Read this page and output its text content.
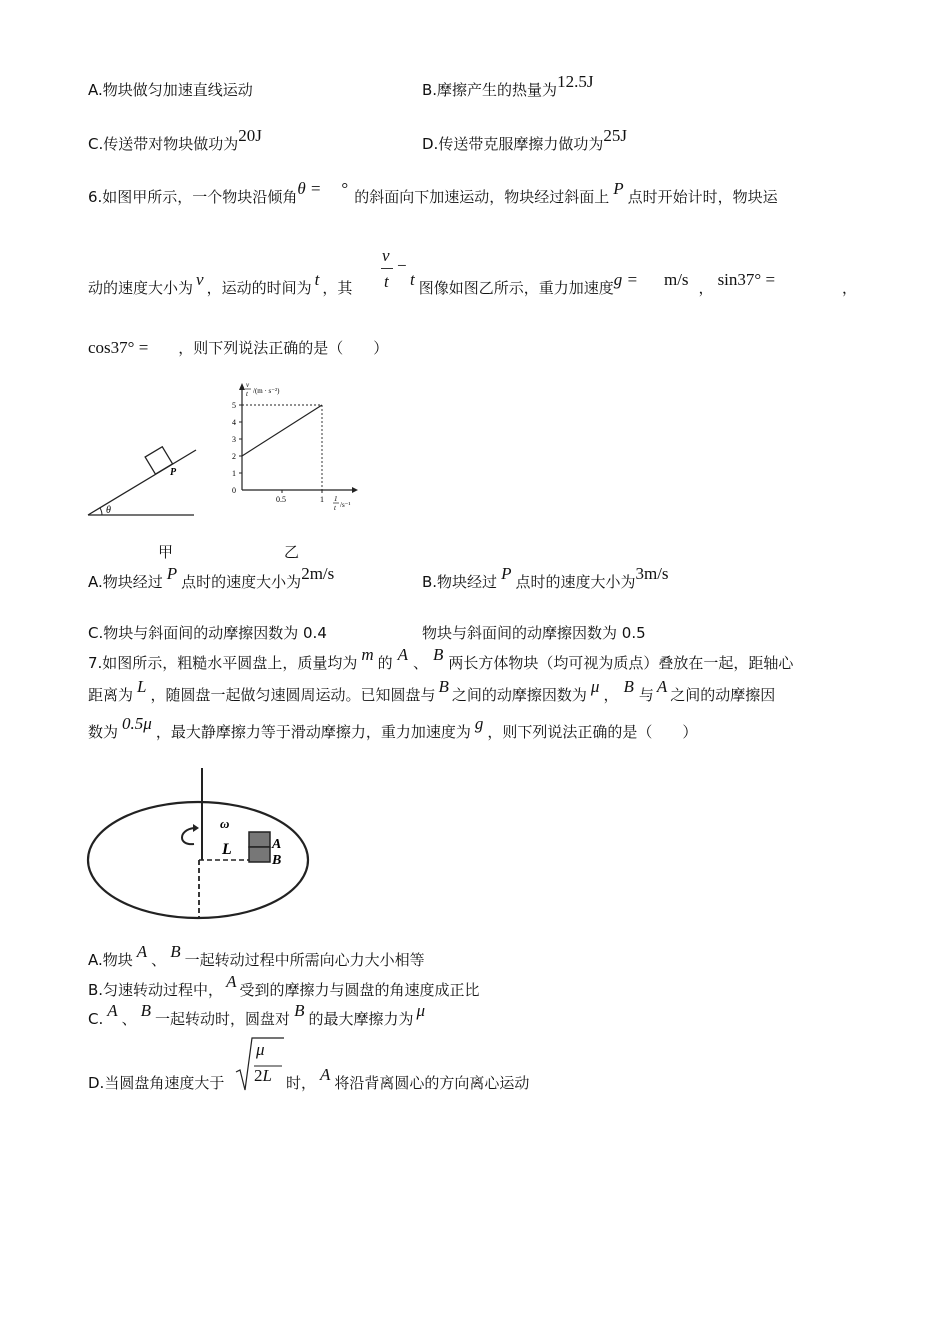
A.物块做匀加速直线运动	B.摩擦产生的热量为12.5J
C.传送带对物块做功为20J	D.传送带克服摩擦力做功为25J
6.如图甲所示，一个物块沿倾角θ = ° 的斜面向下加速运动，物块经过斜面上 P 点时开始计时，物块运
动的速度大小为 v ，运动的时间为 t ，其
v
−
t t 图像如图乙所示，重力加速度g = m/s ， sin37° =	，
cos37° = ，则下列说法正确的是（　　）
P
θ
v
t /(m · s⁻²)
1
t /s⁻¹
0
1
2
3
4
5
0.5	1
甲	乙
A.物块经过 P 点时的速度大小为2m/s	B.物块经过 P 点时的速度大小为3m/s
C.物块与斜面间的动摩擦因数为 0.4	物块与斜面间的动摩擦因数为 0.5
7.如图所示，粗糙水平圆盘上，质量均为 m 的 A 、 B 两长方体物块（均可视为质点）叠放在一起，距轴心
距离为 L ，随圆盘一起做匀速圆周运动。已知圆盘与 B 之间的动摩擦因数为 μ ， B 与 A 之间的动摩擦因
数为 0.5μ ，最大静摩擦力等于滑动摩擦力，重力加速度为 g ，则下列说法正确的是（　　）
ω
L	A
B
A.物块 A 、 B 一起转动过程中所需向心力大小相等
B.匀速转动过程中， A 受到的摩擦力与圆盘的角速度成正比
C. A 、 B 一起转动时，圆盘对 B 的最大摩擦力为 μ
D.当圆盘角速度大于
μ
2L 时， A 将沿背离圆心的方向离心运动
